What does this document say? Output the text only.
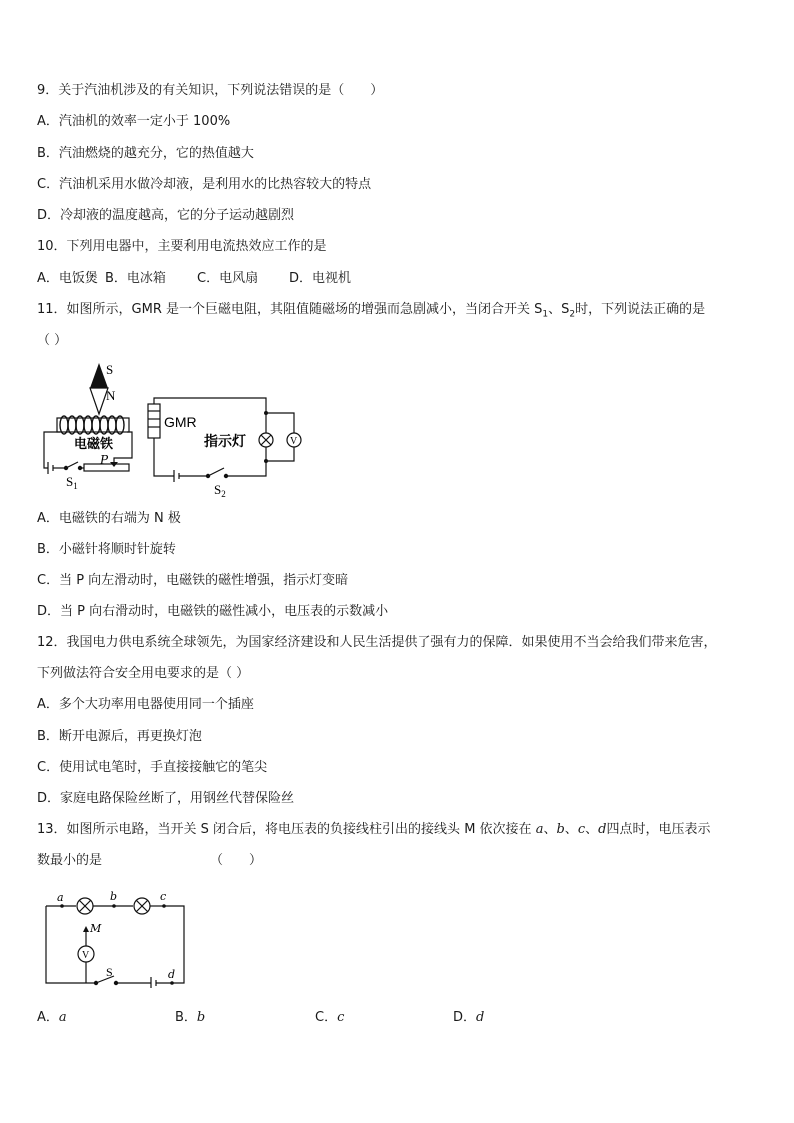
9．关于汽油机涉及的有关知识，下列说法错误的是（　　）
A．汽油机的效率一定小于 100%
B．汽油燃烧的越充分，它的热值越大
C．汽油机采用水做冷却液，是利用水的比热容较大的特点
D．冷却液的温度越高，它的分子运动越剧烈
10．下列用电器中，主要利用电流热效应工作的是
A．电饭煲 B．电冰箱 C．电风扇 D．电视机
11．如图所示，GMR 是一个巨磁电阻，其阻值随磁场的增强而急剧减小，当闭合开关 $S_1$、$S_2$时，下列说法正确的是
（ ）
S
N
电磁铁
P
$S_1$
GMR
指示灯	V
$S_2$
A．电磁铁的右端为 N 极
B．小磁针将顺时针旋转
C．当 P 向左滑动时，电磁铁的磁性增强，指示灯变暗
D．当 P 向右滑动时，电磁铁的磁性减小，电压表的示数减小
12．我国电力供电系统全球领先，为国家经济建设和人民生活提供了强有力的保障．如果使用不当会给我们带来危害，
下列做法符合安全用电要求的是（ ）
A．多个大功率用电器使用同一个插座
B．断开电源后，再更换灯泡
C．使用试电笔时，手直接接触它的笔尖
D．家庭电路保险丝断了，用钢丝代替保险丝
13．如图所示电路，当开关 S 闭合后，将电压表的负接线柱引出的接线头 M 依次接在 a、b、c、d四点时，电压表示
数最小的是	（　　）
a	b	c
d
M
V
S
A．a	B．b	C．c	D．d
